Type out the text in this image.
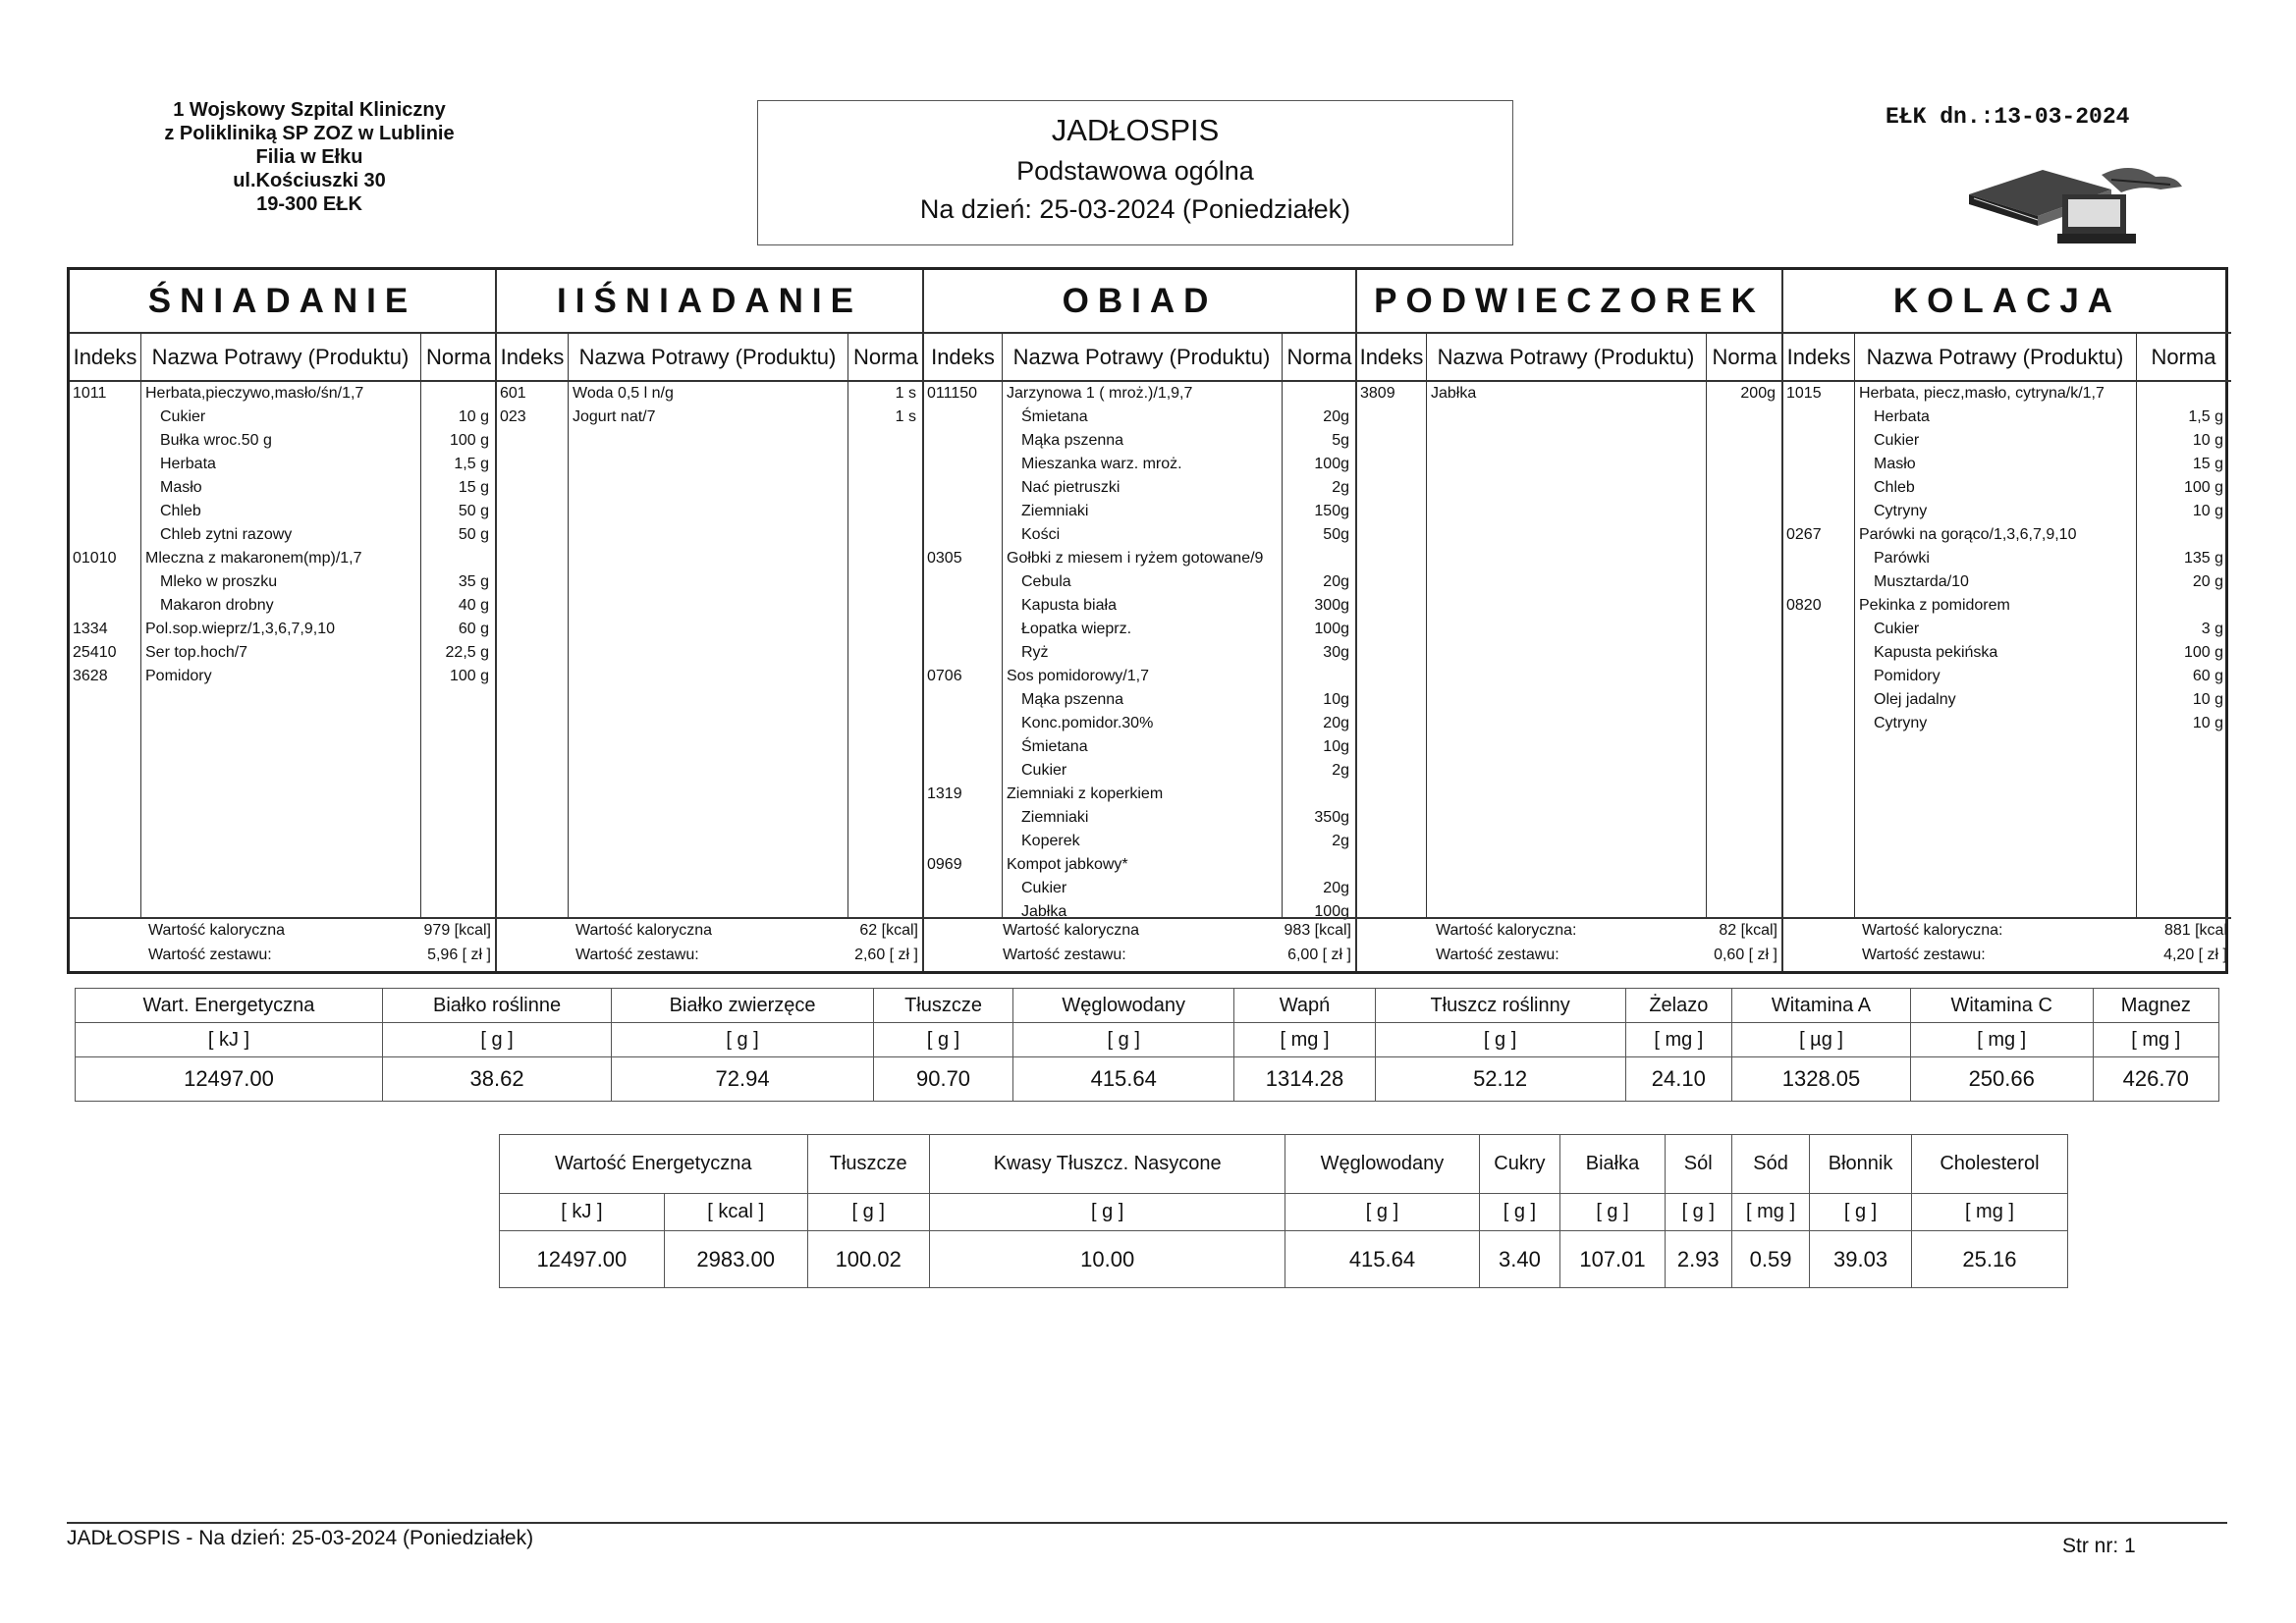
1 Wojskowy Szpital Kliniczny
z Polikliniką SP ZOZ w Lublinie
Filia w Ełku
ul.Kościuszki 30
19-300 EŁK
JADŁOSPIS
Podstawowa ogólna
Na dzień: 25-03-2024 (Poniedziałek)
EŁK dn.:13-03-2024
ŚNIADANIE
Indeks Nazwa Potrawy (Produktu) Norma
1011 Herbata,pieczywo,masło/śn/1,7
Cukier	10 g
Bułka wroc.50 g	100 g
Herbata	1,5 g
Masło	15 g
Chleb	50 g
Chleb zytni razowy	50 g
01010 Mleczna z makaronem(mp)/1,7
Mleko w proszku	35 g
Makaron drobny	40 g
1334 Pol.sop.wieprz/1,3,6,7,9,10	60 g
25410 Ser top.hoch/7	22,5 g
3628 Pomidory	100 g
Wartość kaloryczna	979 [kcal]
Wartość zestawu:	5,96 [ zł ]
IIŚNIADANIE
Indeks Nazwa Potrawy (Produktu) Norma
601	Woda 0,5 l n/g	1 s
023	Jogurt nat/7	1 s
Wartość kaloryczna	62 [kcal]
Wartość zestawu:	2,60 [ zł ]
OBIAD
Indeks Nazwa Potrawy (Produktu) Norma
011150 Jarzynowa 1 ( mroż.)/1,9,7
Śmietana	20g
Mąka pszenna	5g
Mieszanka warz. mroż.	100g
Nać pietruszki	2g
Ziemniaki	150g
Kości	50g
0305	Gołbki z miesem i ryżem gotowane/9
Cebula	20g
Kapusta biała	300g
Łopatka wieprz.	100g
Ryż	30g
0706	Sos pomidorowy/1,7
Mąka pszenna	10g
Konc.pomidor.30%	20g
Śmietana	10g
Cukier	2g
1319	Ziemniaki z koperkiem
Ziemniaki	350g
Koperek	2g
0969	Kompot jabkowy*
Cukier	20g
Jabłka	100g
Wartość kaloryczna	983 [kcal]
Wartość zestawu:	6,00 [ zł ]
PODWIECZOREK
Indeks Nazwa Potrawy (Produktu) Norma
3809 Jabłka	200g
Wartość kaloryczna:	82 [kcal]
Wartość zestawu:	0,60 [ zł ]
KOLACJA
Indeks Nazwa Potrawy (Produktu)	Norma
1015 Herbata, piecz,masło, cytryna/k/1,7
Herbata	1,5 g
Cukier	10 g
Masło	15 g
Chleb	100 g
Cytryny	10 g
0267 Parówki na gorąco/1,3,6,7,9,10
Parówki	135 g
Musztarda/10	20 g
0820 Pekinka z pomidorem
Cukier	3 g
Kapusta pekińska	100 g
Pomidory	60 g
Olej jadalny	10 g
Cytryny	10 g
Wartość kaloryczna:	881 [kcal
Wartość zestawu:	4,20 [ zł ]
Wart. Energetyczna	Białko roślinne	Białko zwierzęce	Tłuszcze	Węglowodany	Wapń	Tłuszcz roślinny	Żelazo	Witamina A	Witamina C	Magnez
[ kJ ]	[ g ]	[ g ]	[ g ]	[ g ]	[ mg ]	[ g ]	[ mg ]	[ µg ]	[ mg ]	[ mg ]
12497.00	38.62	72.94	90.70	415.64	1314.28	52.12	24.10	1328.05	250.66	426.70
Wartość Energetyczna		Tłuszcze	Kwasy Tłuszcz. Nasycone	Węglowodany	Cukry	Białka	Sól	Sód	Błonnik	Cholesterol
[ kJ ]	[ kcal ]	[ g ]	[ g ]	[ g ]	[ g ]	[ g ]	[ g ]	[ mg ]	[ g ]	[ mg ]
12497.00	2983.00	100.02	10.00	415.64	3.40	107.01	2.93	0.59	39.03	25.16
JADŁOSPIS - Na dzień: 25-03-2024 (Poniedziałek)	Str nr: 1
